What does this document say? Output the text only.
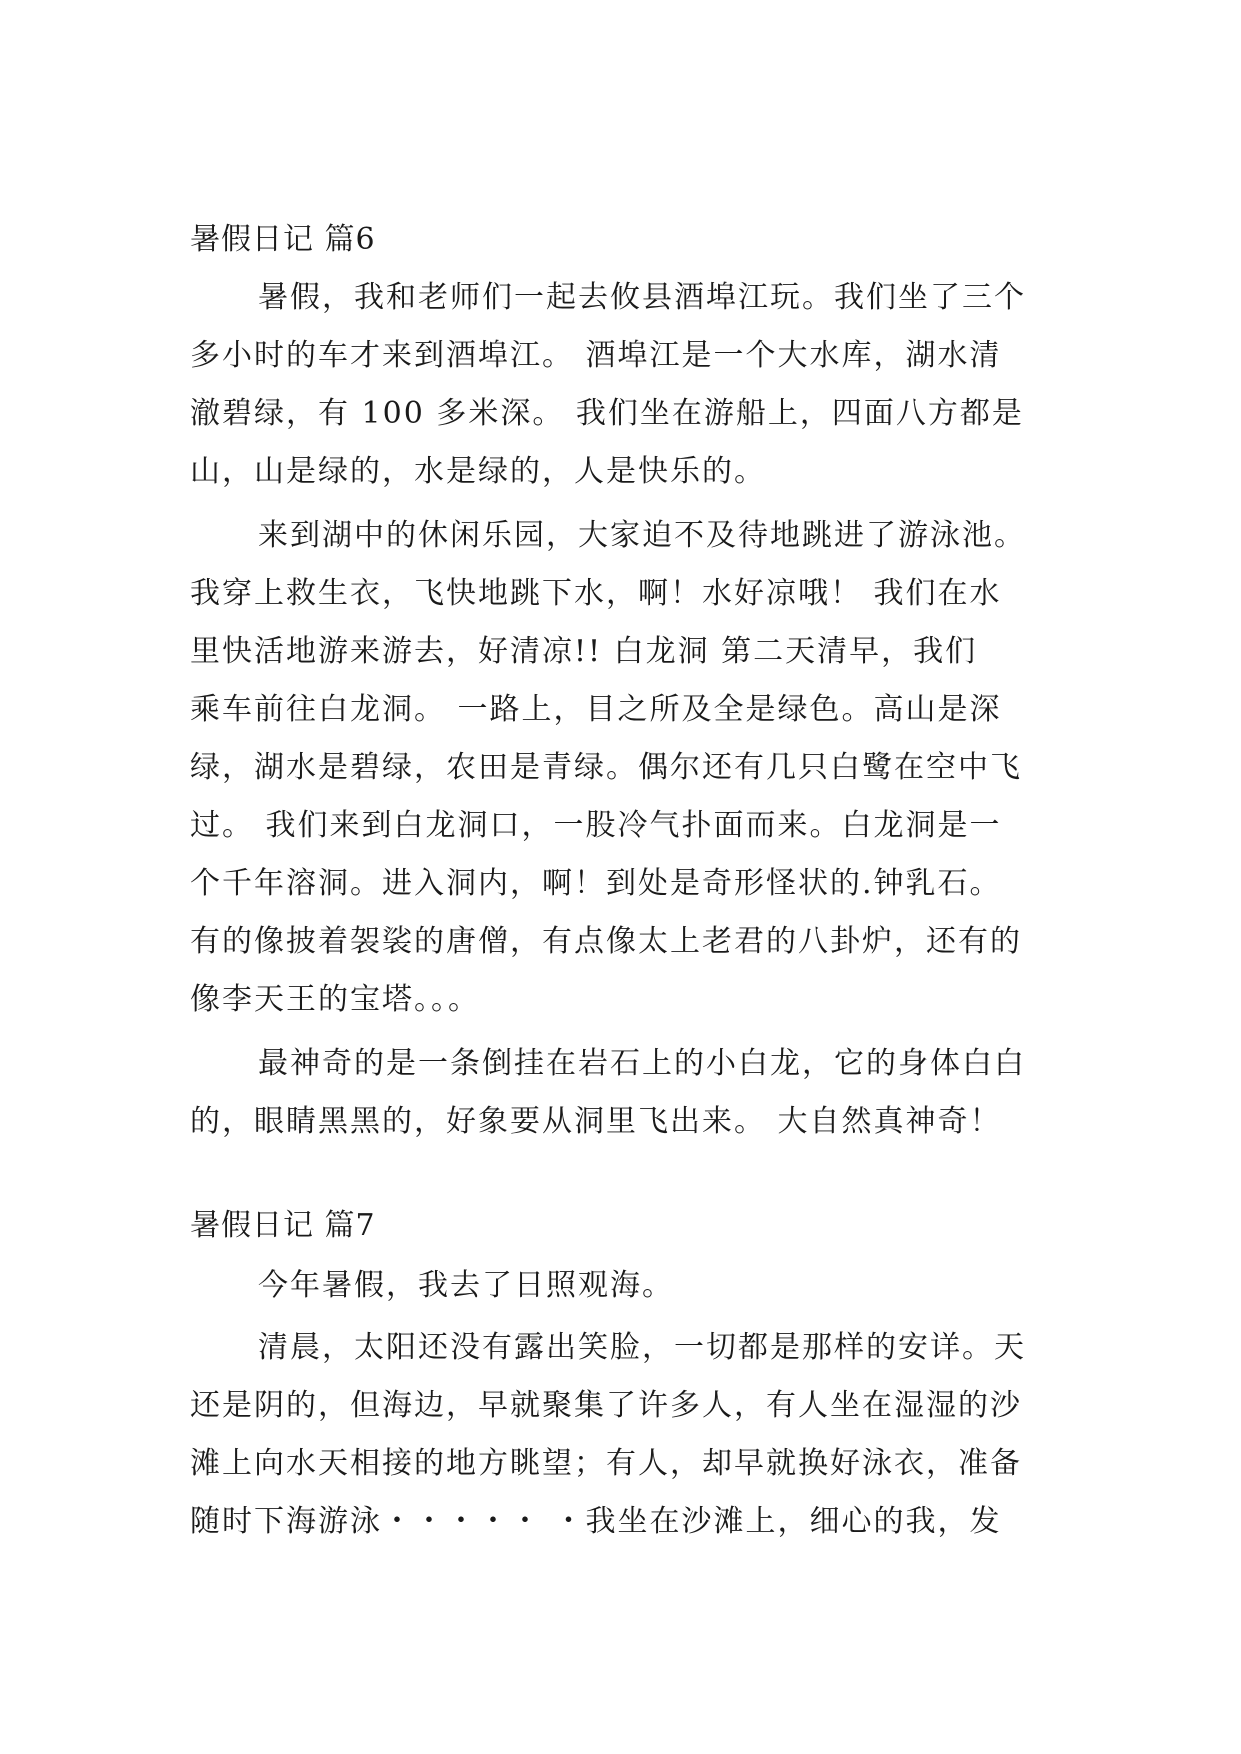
暑假日记 篇6
暑假，我和老师们一起去攸县酒埠江玩。我们坐了三个
多小时的车才来到酒埠江。 酒埠江是一个大水库，湖水清
澈碧绿，有 100 多米深。 我们坐在游船上，四面八方都是
山，山是绿的，水是绿的，人是快乐的。
来到湖中的休闲乐园，大家迫不及待地跳进了游泳池。
我穿上救生衣，飞快地跳下水，啊！水好凉哦！ 我们在水
里快活地游来游去，好清凉!! 白龙洞 第二天清早，我们
乘车前往白龙洞。 一路上，目之所及全是绿色。高山是深
绿，湖水是碧绿，农田是青绿。偶尔还有几只白鹭在空中飞
过。 我们来到白龙洞口，一股冷气扑面而来。白龙洞是一
个千年溶洞。进入洞内，啊！到处是奇形怪状的.钟乳石。
有的像披着袈裟的唐僧，有点像太上老君的八卦炉，还有的
像李天王的宝塔。。。
最神奇的是一条倒挂在岩石上的小白龙，它的身体白白
的，眼睛黑黑的，好象要从洞里飞出来。 大自然真神奇！
暑假日记 篇7
今年暑假，我去了日照观海。
清晨，太阳还没有露出笑脸，一切都是那样的安详。天
还是阴的，但海边，早就聚集了许多人，有人坐在湿湿的沙
滩上向水天相接的地方眺望；有人，却早就换好泳衣，准备
随时下海游泳・・・・・ ・我坐在沙滩上，细心的我，发
